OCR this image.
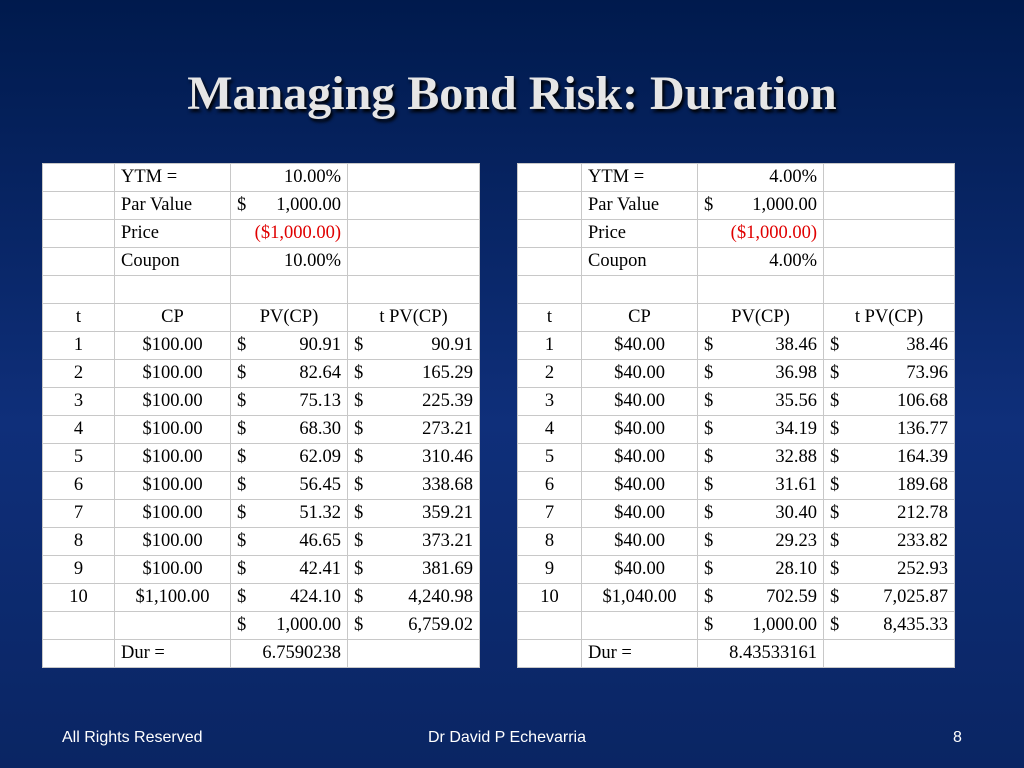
Managing Bond Risk: Duration
	YTM =	10.00%	
	Par Value	$ 1,000.00	

	Price	($1,000.00)	
	Coupon	10.00%	

t	CP	PV(CP)	t PV(CP)
1	$100.00	$ 90.91	$ 90.91

2	$100.00	$ 82.64	$ 165.29

3	$100.00	$ 75.13	$ 225.39

4	$100.00	$ 68.30	$ 273.21

5	$100.00	$ 62.09	$ 310.46

6	$100.00	$ 56.45	$ 338.68

7	$100.00	$ 51.32	$ 359.21

8	$100.00	$ 46.65	$ 373.21

9	$100.00	$ 42.41	$ 381.69

10	$1,100.00	$ 424.10	$ 4,240.98

		$ 1,000.00	$ 6,759.02

	Dur =	6.7590238	
	YTM =	4.00%	
	Par Value	$ 1,000.00	

	Price	($1,000.00)	
	Coupon	4.00%	

t	CP	PV(CP)	t PV(CP)
1	$40.00	$ 38.46	$ 38.46

2	$40.00	$ 36.98	$ 73.96

3	$40.00	$ 35.56	$ 106.68

4	$40.00	$ 34.19	$ 136.77

5	$40.00	$ 32.88	$ 164.39

6	$40.00	$ 31.61	$ 189.68

7	$40.00	$ 30.40	$ 212.78

8	$40.00	$ 29.23	$ 233.82

9	$40.00	$ 28.10	$ 252.93

10	$1,040.00	$ 702.59	$ 7,025.87

		$ 1,000.00	$ 8,435.33

	Dur =	8.43533161	
All Rights Reserved	Dr David P Echevarria	8
